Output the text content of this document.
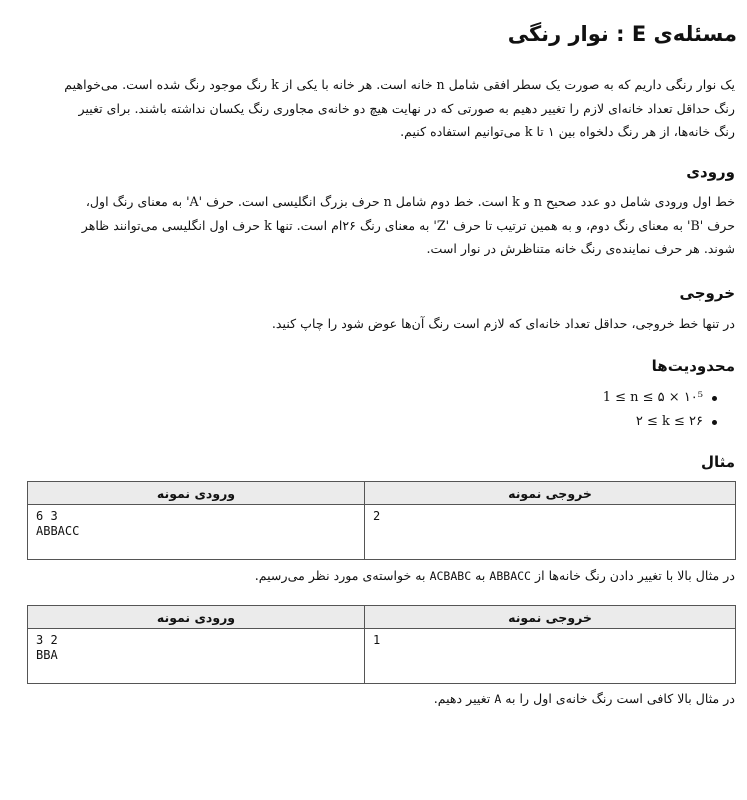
مسئله‌ی E : نوار رنگی

یک نوار رنگی داریم که به صورت یک سطر افقی شامل n خانه است. هر خانه با یکی از k رنگ موجود رنگ شده است. می‌خواهیم

رنگ حداقل تعداد خانه‌ای لازم را تغییر دهیم به صورتی که در نهایت هیچ دو خانه‌ی مجاوری رنگ یکسان نداشته باشند. برای تغییر

رنگ خانه‌ها، از هر رنگ دلخواه بین ۱ تا k می‌توانیم استفاده کنیم.

ورودی

خط اول ورودی شامل دو عدد صحیح n و k است. خط دوم شامل n حرف بزرگ انگلیسی است. حرف 'A' به معنای رنگ اول،

حرف 'B' به معنای رنگ دوم، و به همین ترتیب تا حرف 'Z' به معنای رنگ ۲۶ام است. تنها k حرف اول انگلیسی می‌توانند ظاهر

شوند. هر حرف نماینده‌ی رنگ خانه متناظرش در نوار است.

خروجی

در تنها خط خروجی، حداقل تعداد خانه‌ای که لازم است رنگ آن‌ها عوض شود را چاپ کنید.

محدودیت‌ها
1 ≤ n ≤ ۵ × ۱۰⁵
۲ ≤ k ≤ ۲۶
مثال
خروجی نمونه	ورودی نمونه
2	6 3
ABBACC
در مثال بالا با تغییر دادن رنگ خانه‌ها از ABBACC به ACBABC به خواسته‌ی مورد نظر می‌رسیم.
خروجی نمونه	ورودی نمونه
1	3 2
BBA
در مثال بالا کافی است رنگ خانه‌ی اول را به A تغییر دهیم.
